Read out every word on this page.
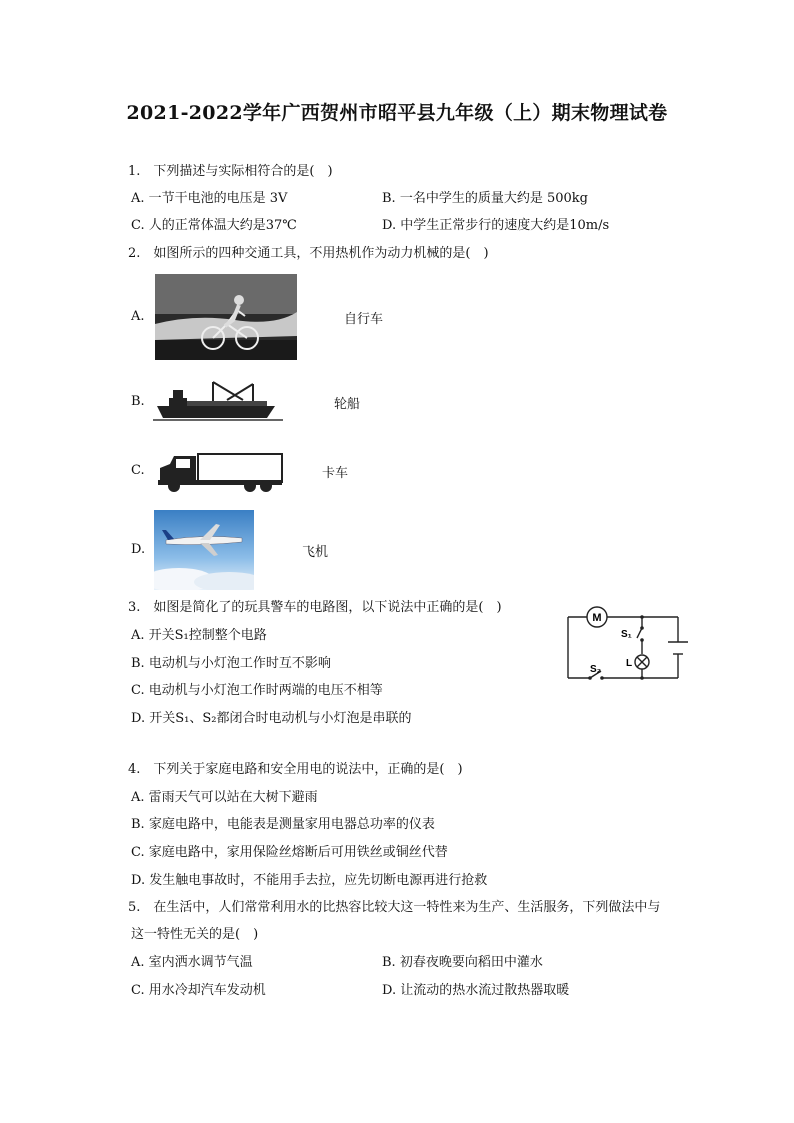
2021-2022学年广西贺州市昭平县九年级（上）期末物理试卷
1.　下列描述与实际相符合的是(　)
A. 一节干电池的电压是 3V	B. 一名中学生的质量大约是 500kg
C. 人的正常体温大约是37℃	D. 中学生正常步行的速度大约是10m/s
2.　如图所示的四种交通工具，不用热机作为动力机械的是(　)
A.	自行车
B.	轮船
C.	卡车
D.	飞机
3.　如图是简化了的玩具警车的电路图，以下说法中正确的是(　)
A. 开关S₁控制整个电路
B. 电动机与小灯泡工作时互不影响
C. 电动机与小灯泡工作时两端的电压不相等
D. 开关S₁、S₂都闭合时电动机与小灯泡是串联的
M
S₁
L
S₂
4.　下列关于家庭电路和安全用电的说法中，正确的是(　)
A. 雷雨天气可以站在大树下避雨
B. 家庭电路中，电能表是测量家用电器总功率的仪表
C. 家庭电路中，家用保险丝熔断后可用铁丝或铜丝代替
D. 发生触电事故时，不能用手去拉，应先切断电源再进行抢救
5.　在生活中，人们常常利用水的比热容比较大这一特性来为生产、生活服务，下列做法中与
这一特性无关的是(　)
A. 室内洒水调节气温	B. 初春夜晚要向稻田中灌水
C. 用水冷却汽车发动机	D. 让流动的热水流过散热器取暖
